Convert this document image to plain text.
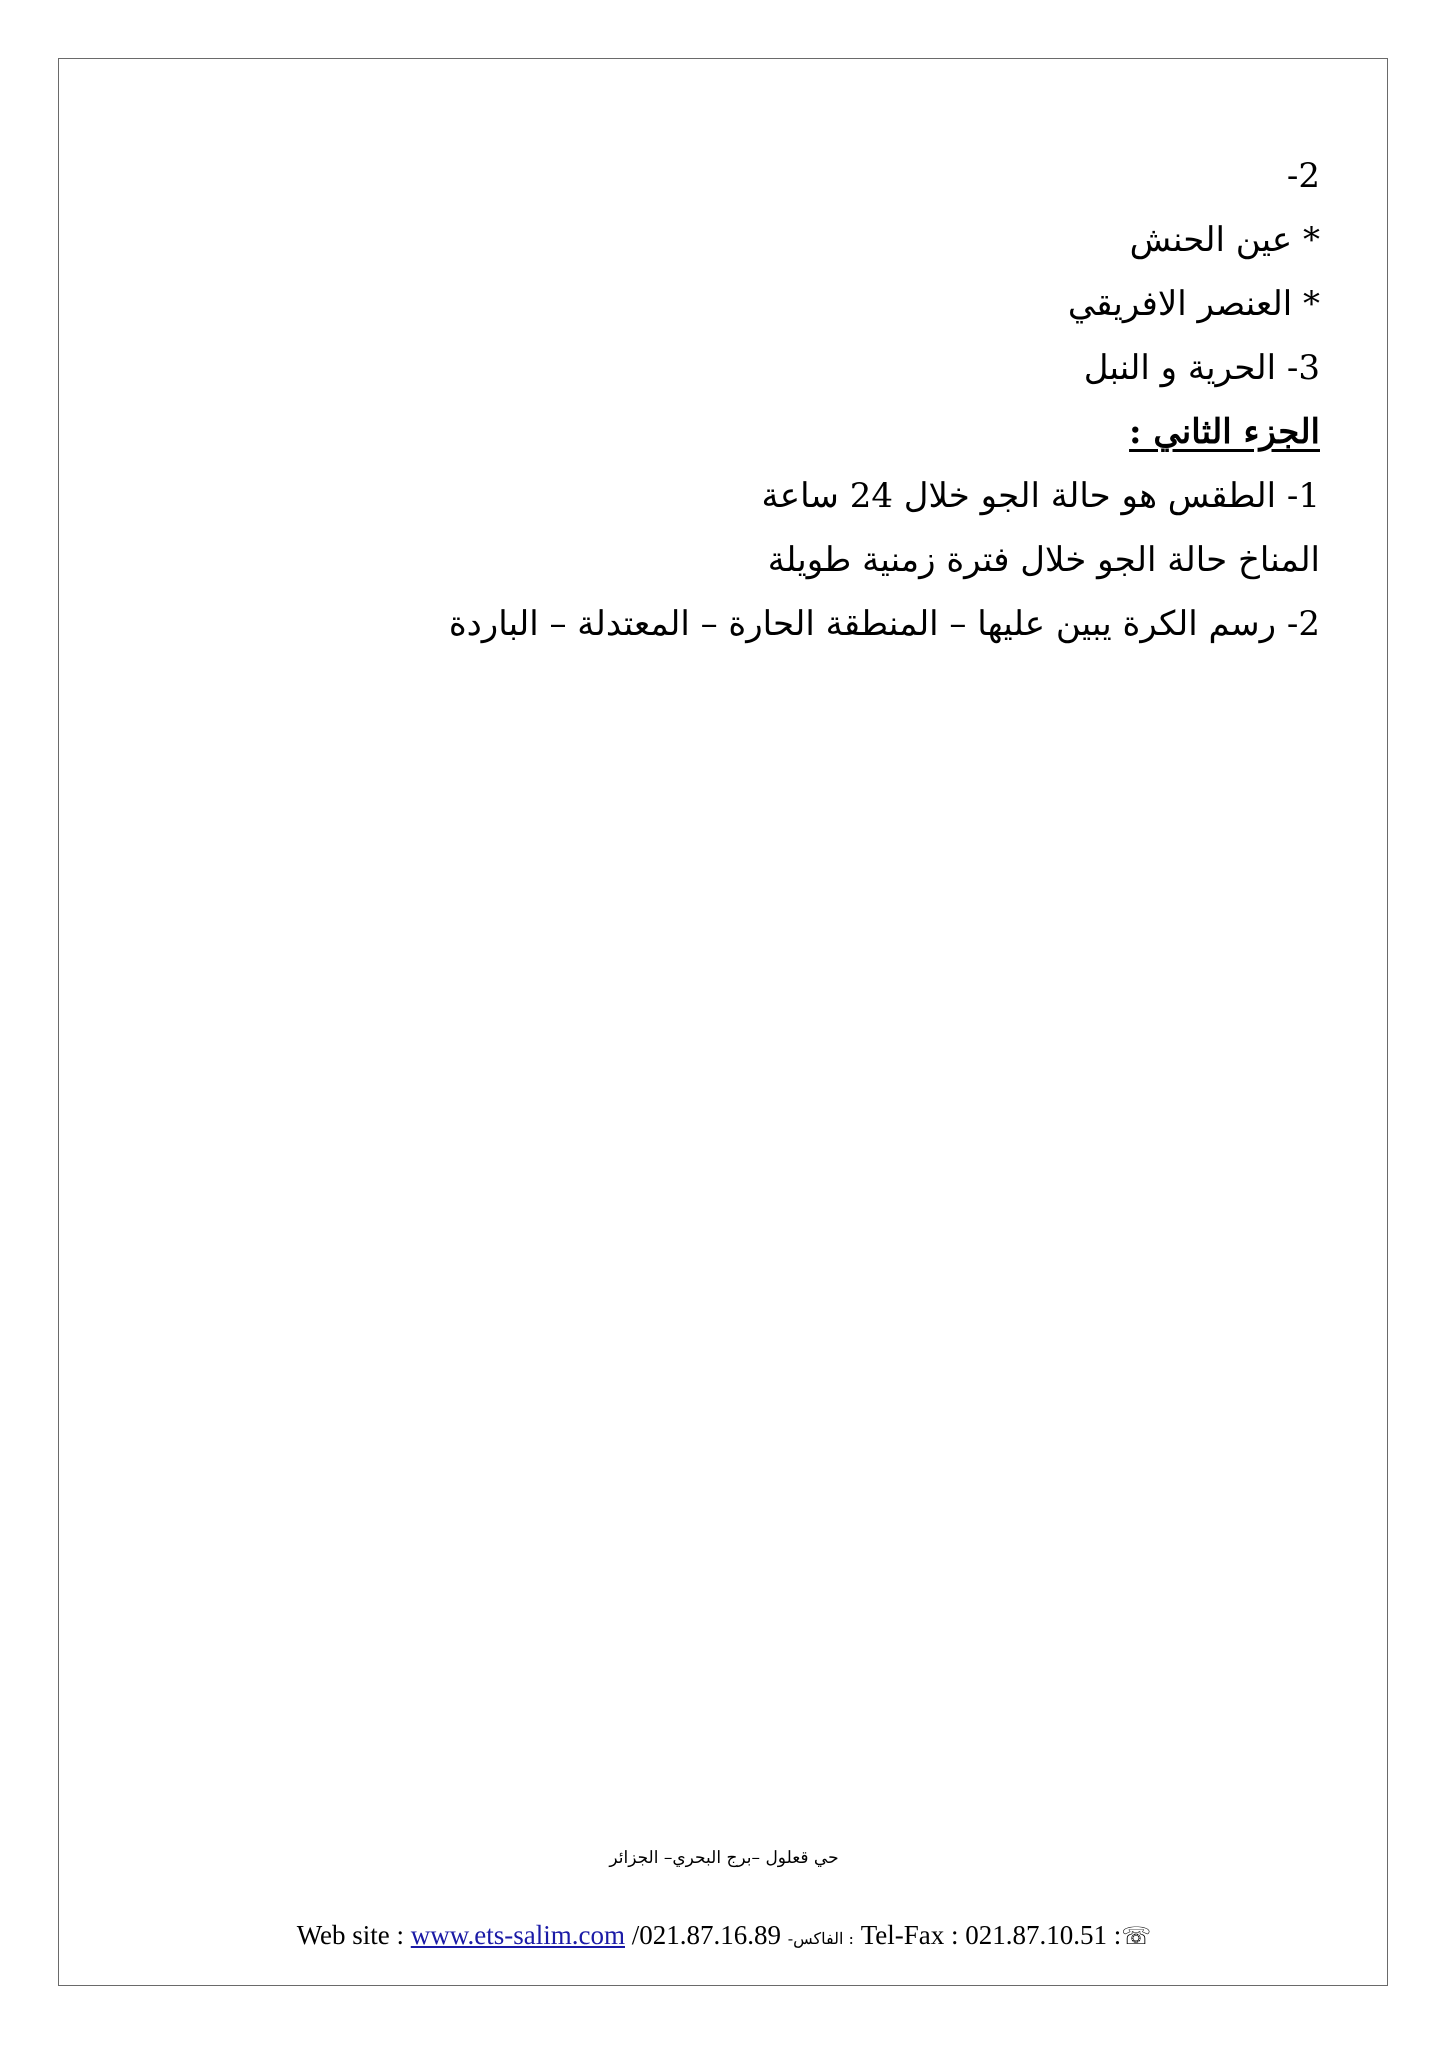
2-
* عين الحنش
* العنصر الافريقي
3- الحرية و النبل
الجزء الثاني :
1- الطقس هو حالة الجو خلال 24 ساعة
المناخ حالة الجو خلال فترة زمنية طويلة
2- رسم الكرة يبين عليها – المنطقة الحارة – المعتدلة – الباردة
حي قعلول –برج البحري– الجزائر
Web site : www.ets-salim.com /021.87.16.89 : الفاكس- Tel-Fax : 021.87.10.51 :☏
